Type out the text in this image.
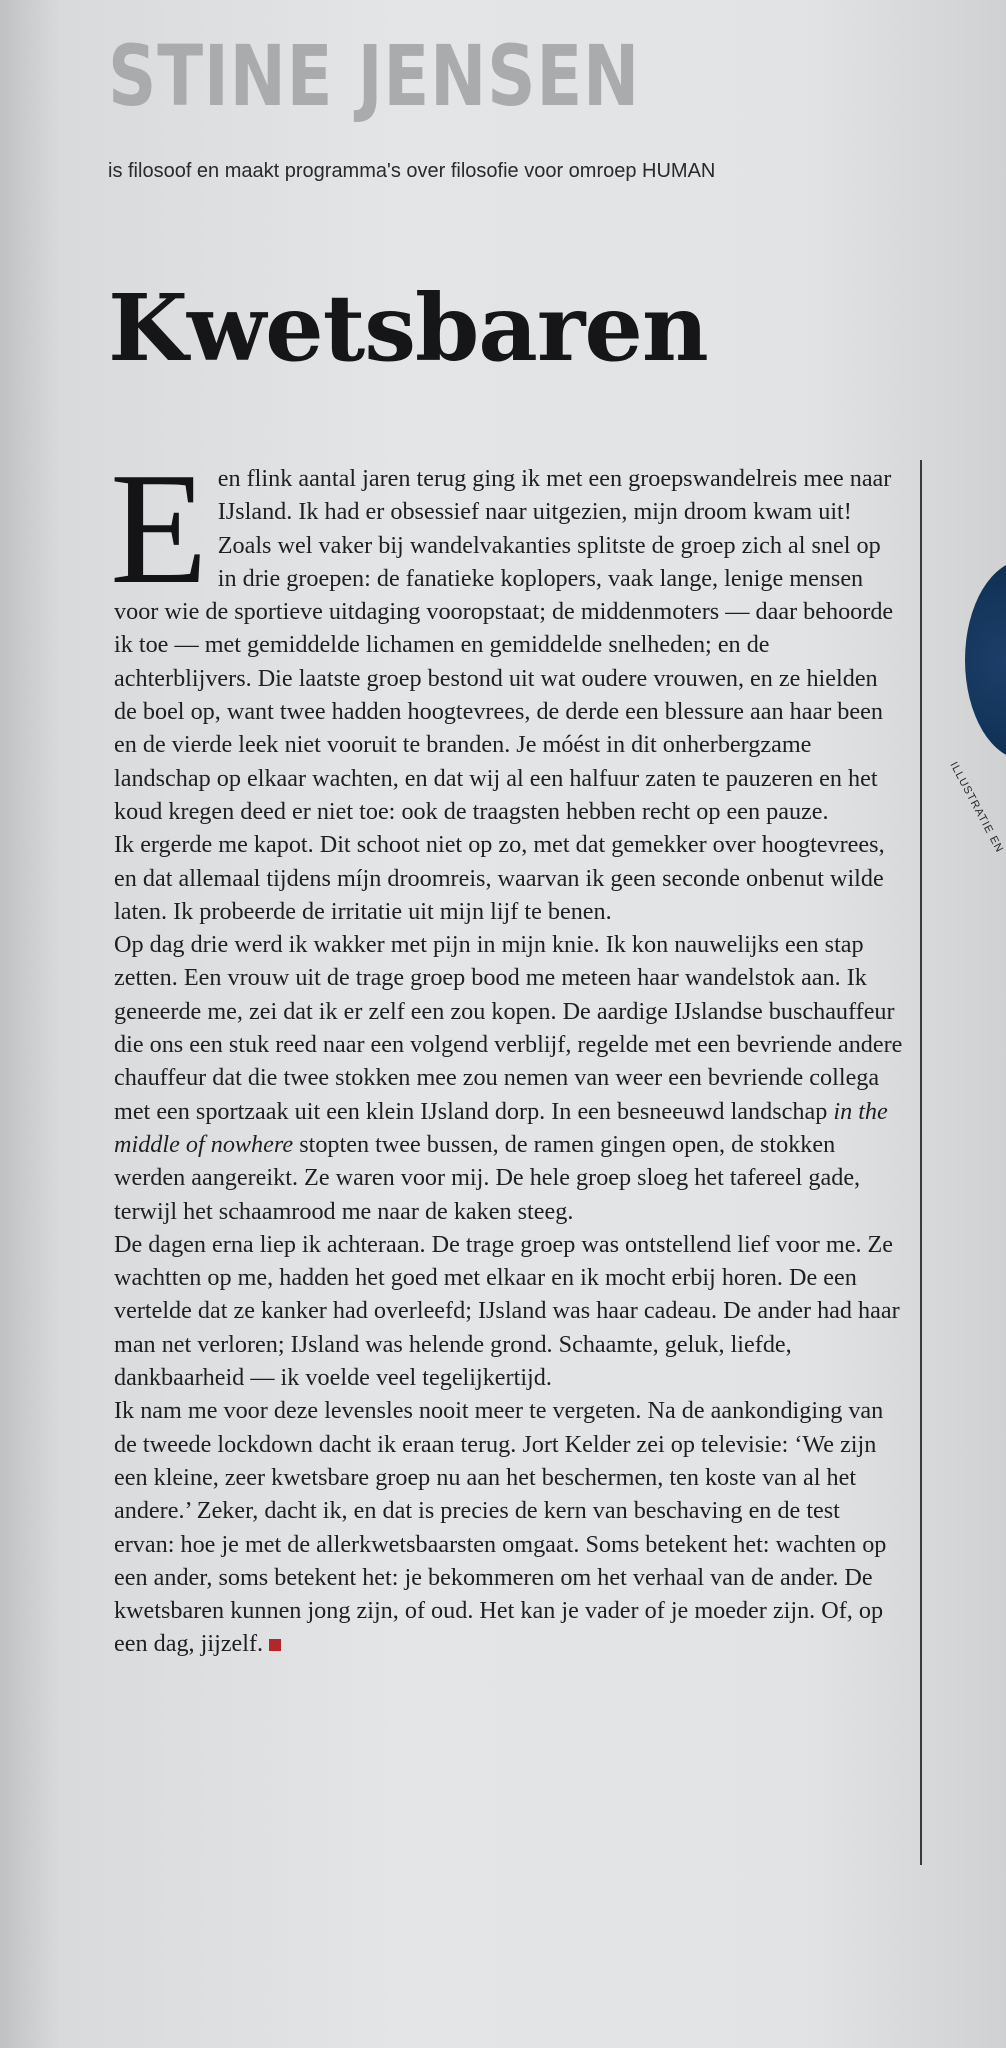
STINE JENSEN
is filosoof en maakt programma's over filosofie voor omroep HUMAN
Kwetsbaren
ILLUSTRATIE EN

Een flink aantal jaren terug ging ik met een groepswandelreis mee naar IJsland. Ik had er obsessief naar uitgezien, mijn droom kwam uit! Zoals wel vaker bij wandelvakanties splitste de groep zich al snel op in drie groepen: de fanatieke koplopers, vaak lange, lenige mensen voor wie de sportieve uitdaging vooropstaat; de middenmoters — daar behoorde ik toe — met gemiddelde lichamen en gemiddelde snelheden; en de achterblijvers. Die laatste groep bestond uit wat oudere vrouwen, en ze hielden de boel op, want twee hadden hoogtevrees, de derde een blessure aan haar been en de vierde leek niet vooruit te branden. Je móést in dit onherbergzame landschap op elkaar wachten, en dat wij al een halfuur zaten te pauzeren en het koud kregen deed er niet toe: ook de traagsten hebben recht op een pauze.

Ik ergerde me kapot. Dit schoot niet op zo, met dat gemekker over hoogtevrees, en dat allemaal tijdens míjn droomreis, waarvan ik geen seconde onbenut wilde laten. Ik probeerde de irritatie uit mijn lijf te benen.

Op dag drie werd ik wakker met pijn in mijn knie. Ik kon nauwelijks een stap zetten. Een vrouw uit de trage groep bood me meteen haar wandelstok aan. Ik geneerde me, zei dat ik er zelf een zou kopen. De aardige IJslandse buschauffeur die ons een stuk reed naar een volgend verblijf, regelde met een bevriende andere chauffeur dat die twee stokken mee zou nemen van weer een bevriende collega met een sportzaak uit een klein IJsland dorp. In een besneeuwd landschap in the middle of nowhere stopten twee bussen, de ramen gingen open, de stokken werden aangereikt. Ze waren voor mij. De hele groep sloeg het tafereel gade, terwijl het schaamrood me naar de kaken steeg.

De dagen erna liep ik achteraan. De trage groep was ontstellend lief voor me. Ze wachtten op me, hadden het goed met elkaar en ik mocht erbij horen. De een vertelde dat ze kanker had overleefd; IJsland was haar cadeau. De ander had haar man net verloren; IJsland was helende grond. Schaamte, geluk, liefde, dankbaarheid — ik voelde veel tegelijkertijd.

Ik nam me voor deze levensles nooit meer te vergeten. Na de aankondiging van de tweede lockdown dacht ik eraan terug. Jort Kelder zei op televisie: ‘We zijn een kleine, zeer kwetsbare groep nu aan het beschermen, ten koste van al het andere.’ Zeker, dacht ik, en dat is precies de kern van beschaving en de test ervan: hoe je met de allerkwetsbaarsten omgaat. Soms betekent het: wachten op een ander, soms betekent het: je bekommeren om het verhaal van de ander. De kwetsbaren kunnen jong zijn, of oud. Het kan je vader of je moeder zijn. Of, op een dag, jijzelf.
